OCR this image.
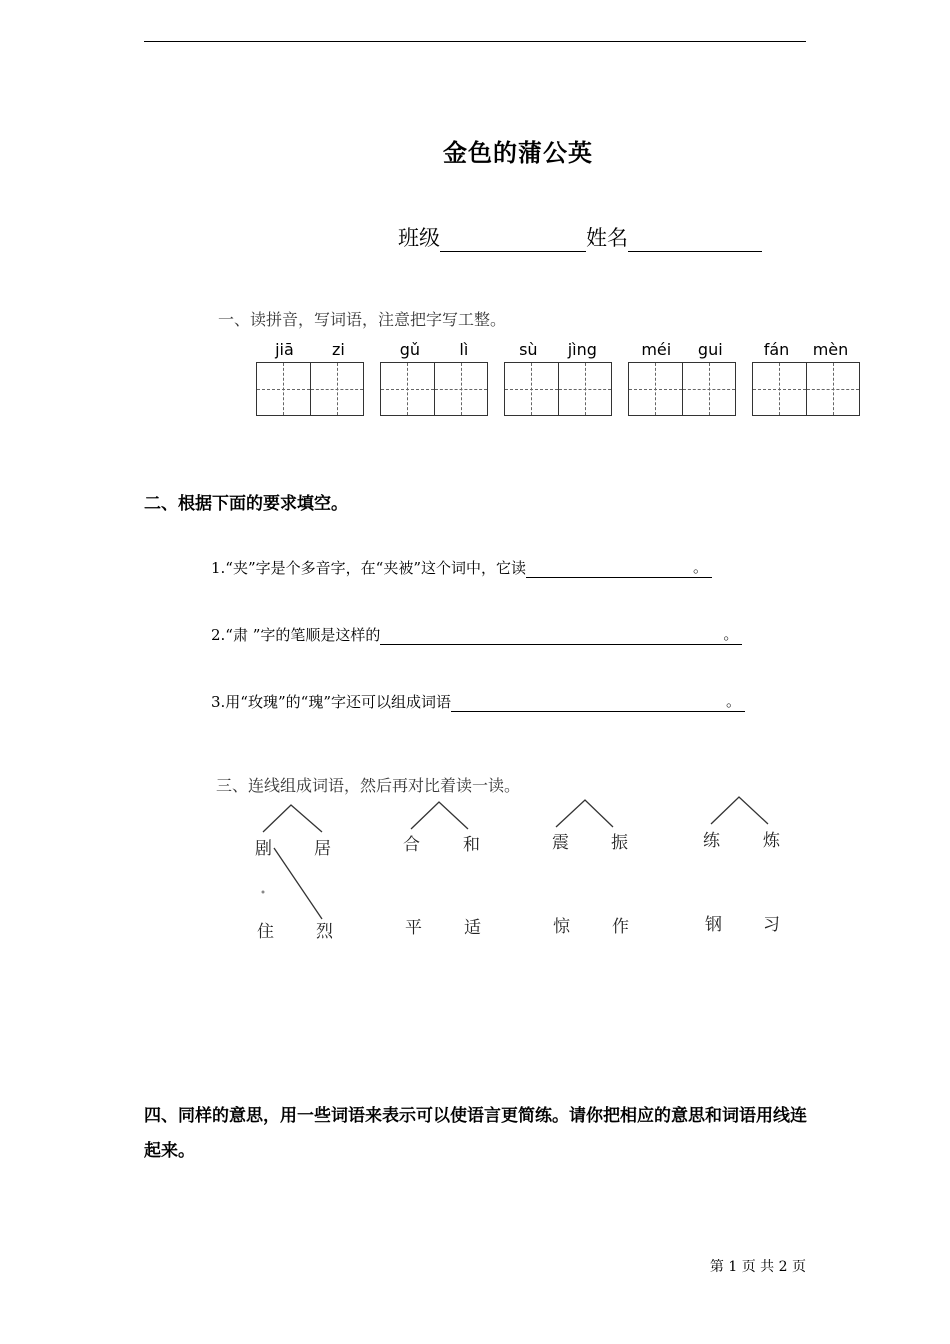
金色的蒲公英
班级	姓名
一、读拼音，写词语，注意把字写工整。
jiā zi	gǔ lì	sù jìng	méi gui	fán mèn
二、根据下面的要求填空。
1.“夹”字是个多音字，在“夹被”这个词中，它读	。
2.“肃 ”字的笔顺是这样的	。
3.用“玫瑰”的“瑰”字还可以组成词语	。
三、连线组成词语，然后再对比着读一读。
剧 居	合	和	震 振	练	炼
住 烈	平 适	惊 作	钢 习
四、同样的意思，用一些词语来表示可以使语言更简练。请你把相应的意思和词语用线连起来。
第 1 页 共 2 页
